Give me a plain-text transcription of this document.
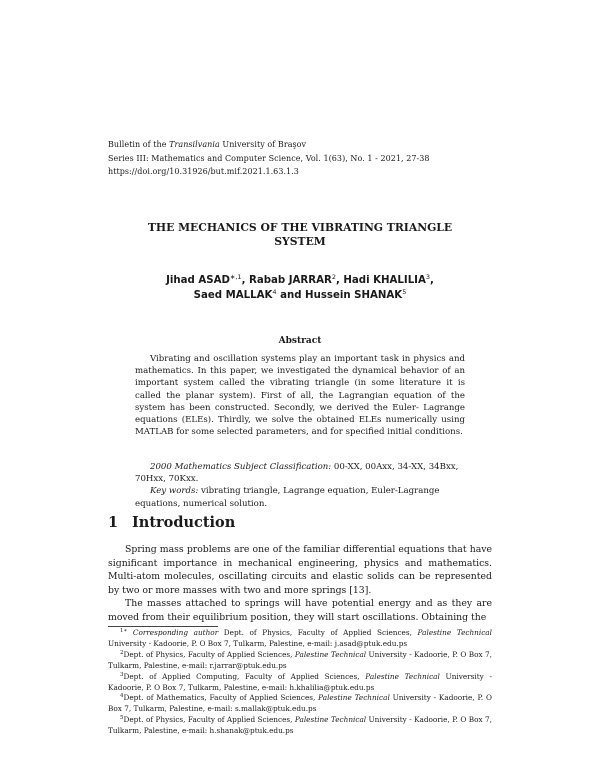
Bulletin of the Transilvania University of Braşov
Series III: Mathematics and Computer Science, Vol. 1(63), No. 1 - 2021, 27-38
https://doi.org/10.31926/but.mif.2021.1.63.1.3
THE MECHANICS OF THE VIBRATING TRIANGLE
SYSTEM
Jihad $ASAD^{∗,1}$, Rabab JARRAR$^2$, Hadi KHALILIA$^3$,
Saed MALLAK$^4$ and Hussein SHANAK$^5$
Abstract

Vibrating and oscillation systems play an important task in physics and mathematics. In this paper, we investigated the dynamical behavior of an important system called the vibrating triangle (in some literature it is called the planar system). First of all, the Lagrangian equation of the system has been constructed. Secondly, we derived the Euler- Lagrange equations (ELEs). Thirdly, we solve the obtained ELEs numerically using MATLAB for some selected parameters, and for specified initial conditions.

2000 Mathematics Subject Classification: 00-XX, 00Axx, 34-XX, 34Bxx, 70Hxx, 70Kxx.

Key words: vibrating triangle, Lagrange equation, Euler-Lagrange equations, numerical solution.

1 Introduction

Spring mass problems are one of the familiar differential equations that have significant importance in mechanical engineering, physics and mathematics. Multi-atom molecules, oscillating circuits and elastic solids can be represented by two or more masses with two and more springs [13].

The masses attached to springs will have potential energy and as they are moved from their equilibrium position, they will start oscillations. Obtaining the

$^{1∗}$ Corresponding author Dept. of Physics, Faculty of Applied Sciences, Palestine Technical University - Kadoorie, P. O Box 7, Tulkarm, Palestine, e-mail: j.asad@ptuk.edu.ps

$^2$Dept. of Physics, Faculty of Applied Sciences, Palestine Technical University - Kadoorie, P. O Box 7, Tulkarm, Palestine, e-mail: r.jarrar@ptuk.edu.ps

$^3$Dept. of Applied Computing, Faculty of Applied Sciences, Palestine Technical University - Kadoorie, P. O Box 7, Tulkarm, Palestine, e-mail: h.khalilia@ptuk.edu.ps

$^4$Dept. of Mathematics, Faculty of Applied Sciences, Palestine Technical University - Kadoorie, P. O Box 7, Tulkarm, Palestine, e-mail: s.mallak@ptuk.edu.ps

$^5$Dept. of Physics, Faculty of Applied Sciences, Palestine Technical University - Kadoorie, P. O Box 7, Tulkarm, Palestine, e-mail: h.shanak@ptuk.edu.ps
